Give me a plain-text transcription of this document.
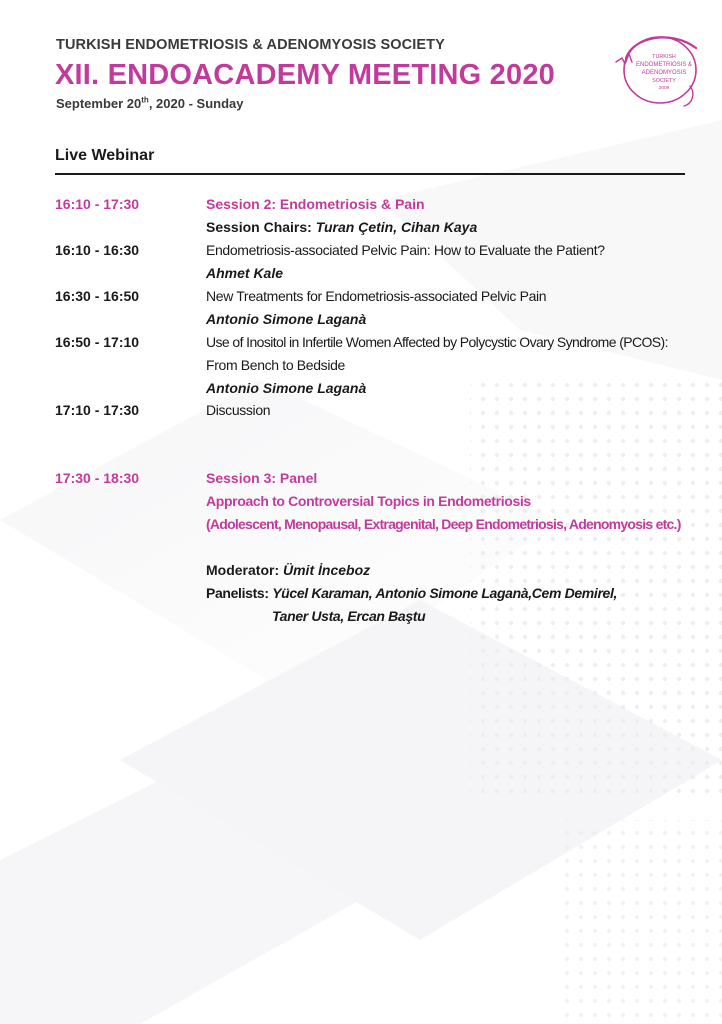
TURKISH ENDOMETRIOSIS & ADENOMYOSIS SOCIETY
XII. ENDOACADEMY MEETING 2020
September 20th, 2020 - Sunday
TURKISH
ENDOMETRIOSIS &
ADENOMYOSIS
SOCIETY
2009
Live Webinar
16:10 - 17:30	Session 2: Endometriosis & Pain
Session Chairs: Turan Çetin, Cihan Kaya
16:10 - 16:30	Endometriosis-associated Pelvic Pain: How to Evaluate the Patient?
Ahmet Kale
16:30 - 16:50	New Treatments for Endometriosis-associated Pelvic Pain
Antonio Simone Laganà
16:50 - 17:10	Use of Inositol in Infertile Women Affected by Polycystic Ovary Syndrome (PCOS):
From Bench to Bedside
Antonio Simone Laganà
17:10 - 17:30	Discussion
17:30 - 18:30	Session 3: Panel
Approach to Controversial Topics in Endometriosis
(Adolescent, Menopausal, Extragenital, Deep Endometriosis, Adenomyosis etc.)
Moderator: Ümit İnceboz
Panelists: Yücel Karaman, Antonio Simone Laganà,Cem Demirel,
Taner Usta, Ercan Baştu
